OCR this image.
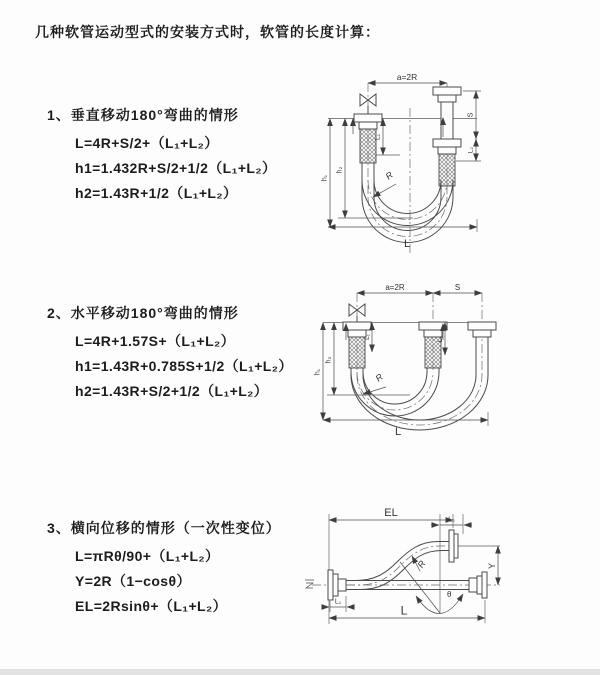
几种软管运动型式的安装方式时，软管的长度计算：
1、垂直移动180°弯曲的情形
L=4R+S/2+（L₁+L₂）
h1=1.432R+S/2+1/2（L₁+L₂）
h2=1.43R+1/2（L₁+L₂）
2、水平移动180°弯曲的情形
L=4R+1.57S+（L₁+L₂）
h1=1.43R+0.785S+1/2（L₁+L₂）
h2=1.43R+S/2+1/2（L₁+L₂）
3、横向位移的情形（一次性变位）
L=πRθ/90+（L₁+L₂）
Y=2R（1−cosθ）
EL=2Rsinθ+（L₁+L₂）
a=2R
L₁
S
L₂
h₂
h₁	R
L
a=2R	S
L₁	L₂
h₂
h₁	R
L
EL
L₂
Y
R
θ
L₁
L
